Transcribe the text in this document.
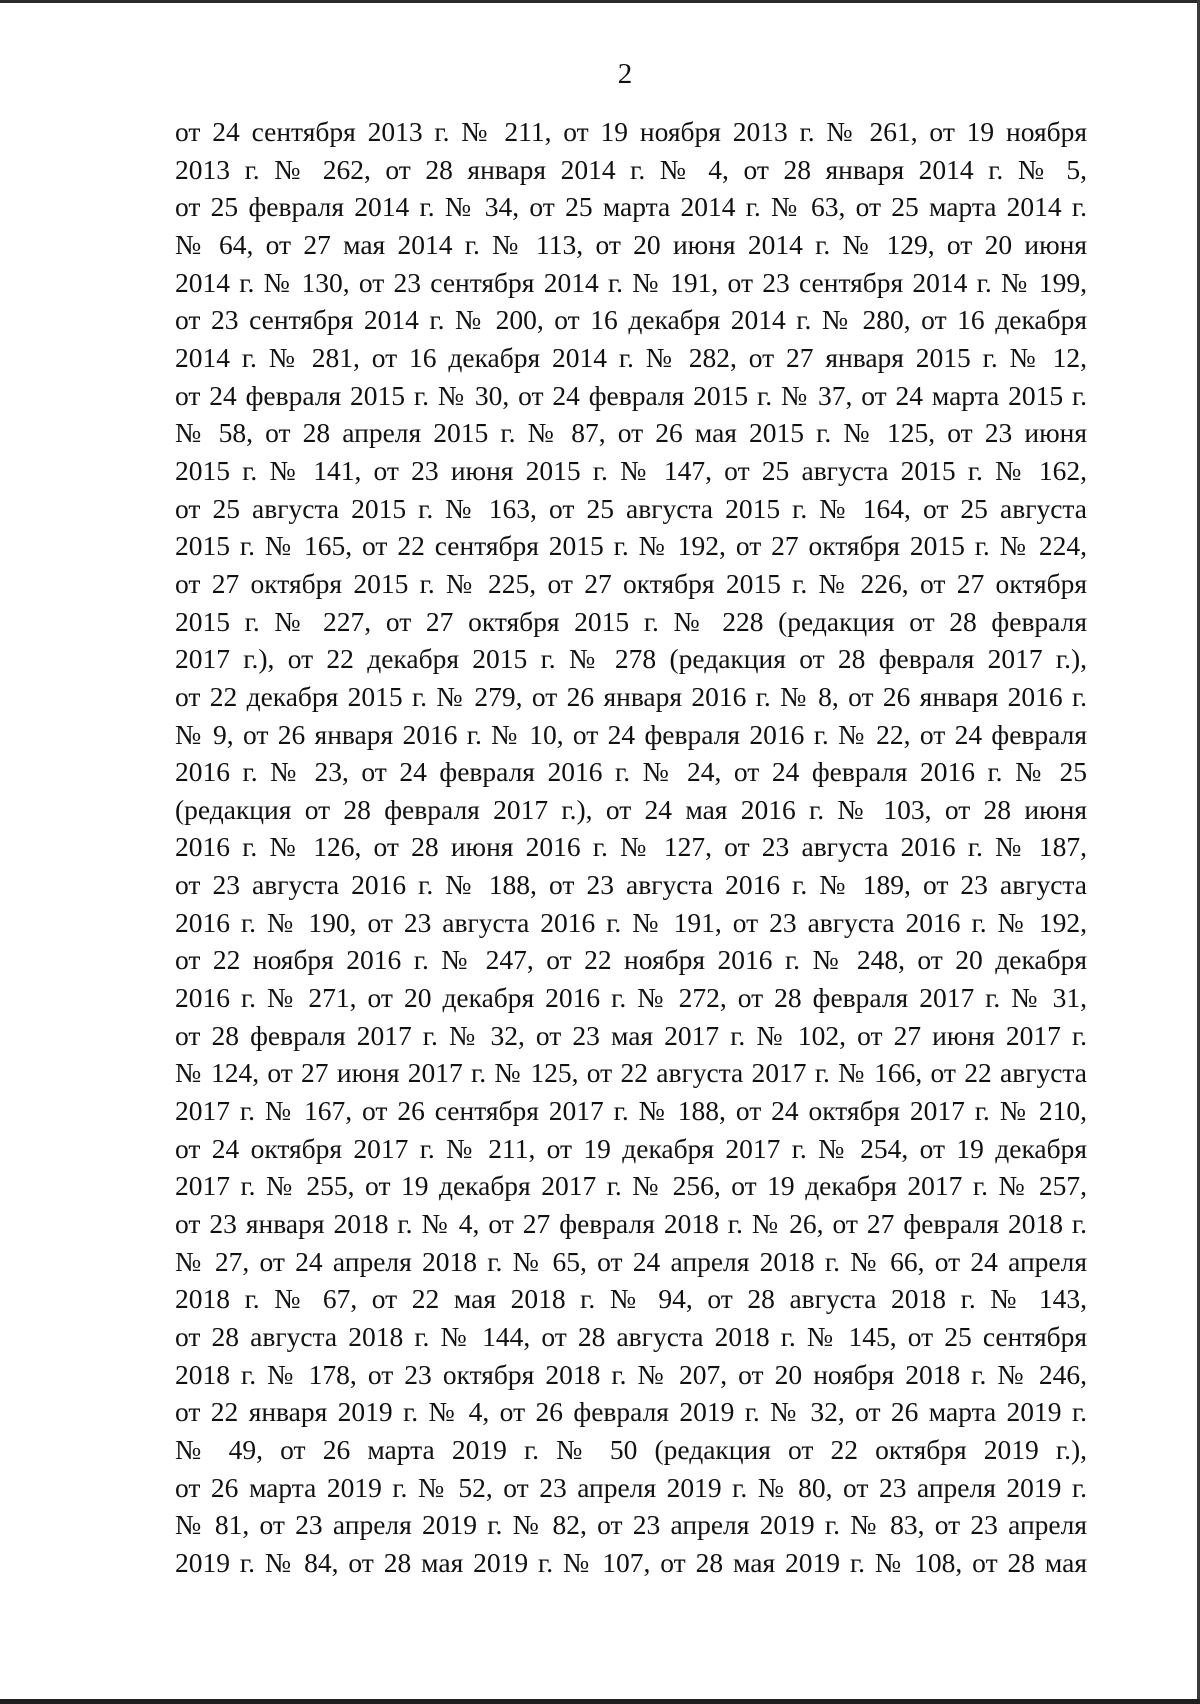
2
от 24 сентября 2013 г. № 211, от 19 ноября 2013 г. № 261, от 19 ноября
2013 г. № 262, от 28 января 2014 г. № 4, от 28 января 2014 г. № 5,
от 25 февраля 2014 г. № 34, от 25 марта 2014 г. № 63, от 25 марта 2014 г.
№ 64, от 27 мая 2014 г. № 113, от 20 июня 2014 г. № 129, от 20 июня
2014 г. № 130, от 23 сентября 2014 г. № 191, от 23 сентября 2014 г. № 199,
от 23 сентября 2014 г. № 200, от 16 декабря 2014 г. № 280, от 16 декабря
2014 г. № 281, от 16 декабря 2014 г. № 282, от 27 января 2015 г. № 12,
от 24 февраля 2015 г. № 30, от 24 февраля 2015 г. № 37, от 24 марта 2015 г.
№ 58, от 28 апреля 2015 г. № 87, от 26 мая 2015 г. № 125, от 23 июня
2015 г. № 141, от 23 июня 2015 г. № 147, от 25 августа 2015 г. № 162,
от 25 августа 2015 г. № 163, от 25 августа 2015 г. № 164, от 25 августа
2015 г. № 165, от 22 сентября 2015 г. № 192, от 27 октября 2015 г. № 224,
от 27 октября 2015 г. № 225, от 27 октября 2015 г. № 226, от 27 октября
2015 г. № 227, от 27 октября 2015 г. № 228 (редакция от 28 февраля
2017 г.), от 22 декабря 2015 г. № 278 (редакция от 28 февраля 2017 г.),
от 22 декабря 2015 г. № 279, от 26 января 2016 г. № 8, от 26 января 2016 г.
№ 9, от 26 января 2016 г. № 10, от 24 февраля 2016 г. № 22, от 24 февраля
2016 г. № 23, от 24 февраля 2016 г. № 24, от 24 февраля 2016 г. № 25
(редакция от 28 февраля 2017 г.), от 24 мая 2016 г. № 103, от 28 июня
2016 г. № 126, от 28 июня 2016 г. № 127, от 23 августа 2016 г. № 187,
от 23 августа 2016 г. № 188, от 23 августа 2016 г. № 189, от 23 августа
2016 г. № 190, от 23 августа 2016 г. № 191, от 23 августа 2016 г. № 192,
от 22 ноября 2016 г. № 247, от 22 ноября 2016 г. № 248, от 20 декабря
2016 г. № 271, от 20 декабря 2016 г. № 272, от 28 февраля 2017 г. № 31,
от 28 февраля 2017 г. № 32, от 23 мая 2017 г. № 102, от 27 июня 2017 г.
№ 124, от 27 июня 2017 г. № 125, от 22 августа 2017 г. № 166, от 22 августа
2017 г. № 167, от 26 сентября 2017 г. № 188, от 24 октября 2017 г. № 210,
от 24 октября 2017 г. № 211, от 19 декабря 2017 г. № 254, от 19 декабря
2017 г. № 255, от 19 декабря 2017 г. № 256, от 19 декабря 2017 г. № 257,
от 23 января 2018 г. № 4, от 27 февраля 2018 г. № 26, от 27 февраля 2018 г.
№ 27, от 24 апреля 2018 г. № 65, от 24 апреля 2018 г. № 66, от 24 апреля
2018 г. № 67, от 22 мая 2018 г. № 94, от 28 августа 2018 г. № 143,
от 28 августа 2018 г. № 144, от 28 августа 2018 г. № 145, от 25 сентября
2018 г. № 178, от 23 октября 2018 г. № 207, от 20 ноября 2018 г. № 246,
от 22 января 2019 г. № 4, от 26 февраля 2019 г. № 32, от 26 марта 2019 г.
№ 49, от 26 марта 2019 г. № 50 (редакция от 22 октября 2019 г.),
от 26 марта 2019 г. № 52, от 23 апреля 2019 г. № 80, от 23 апреля 2019 г.
№ 81, от 23 апреля 2019 г. № 82, от 23 апреля 2019 г. № 83, от 23 апреля
2019 г. № 84, от 28 мая 2019 г. № 107, от 28 мая 2019 г. № 108, от 28 мая
